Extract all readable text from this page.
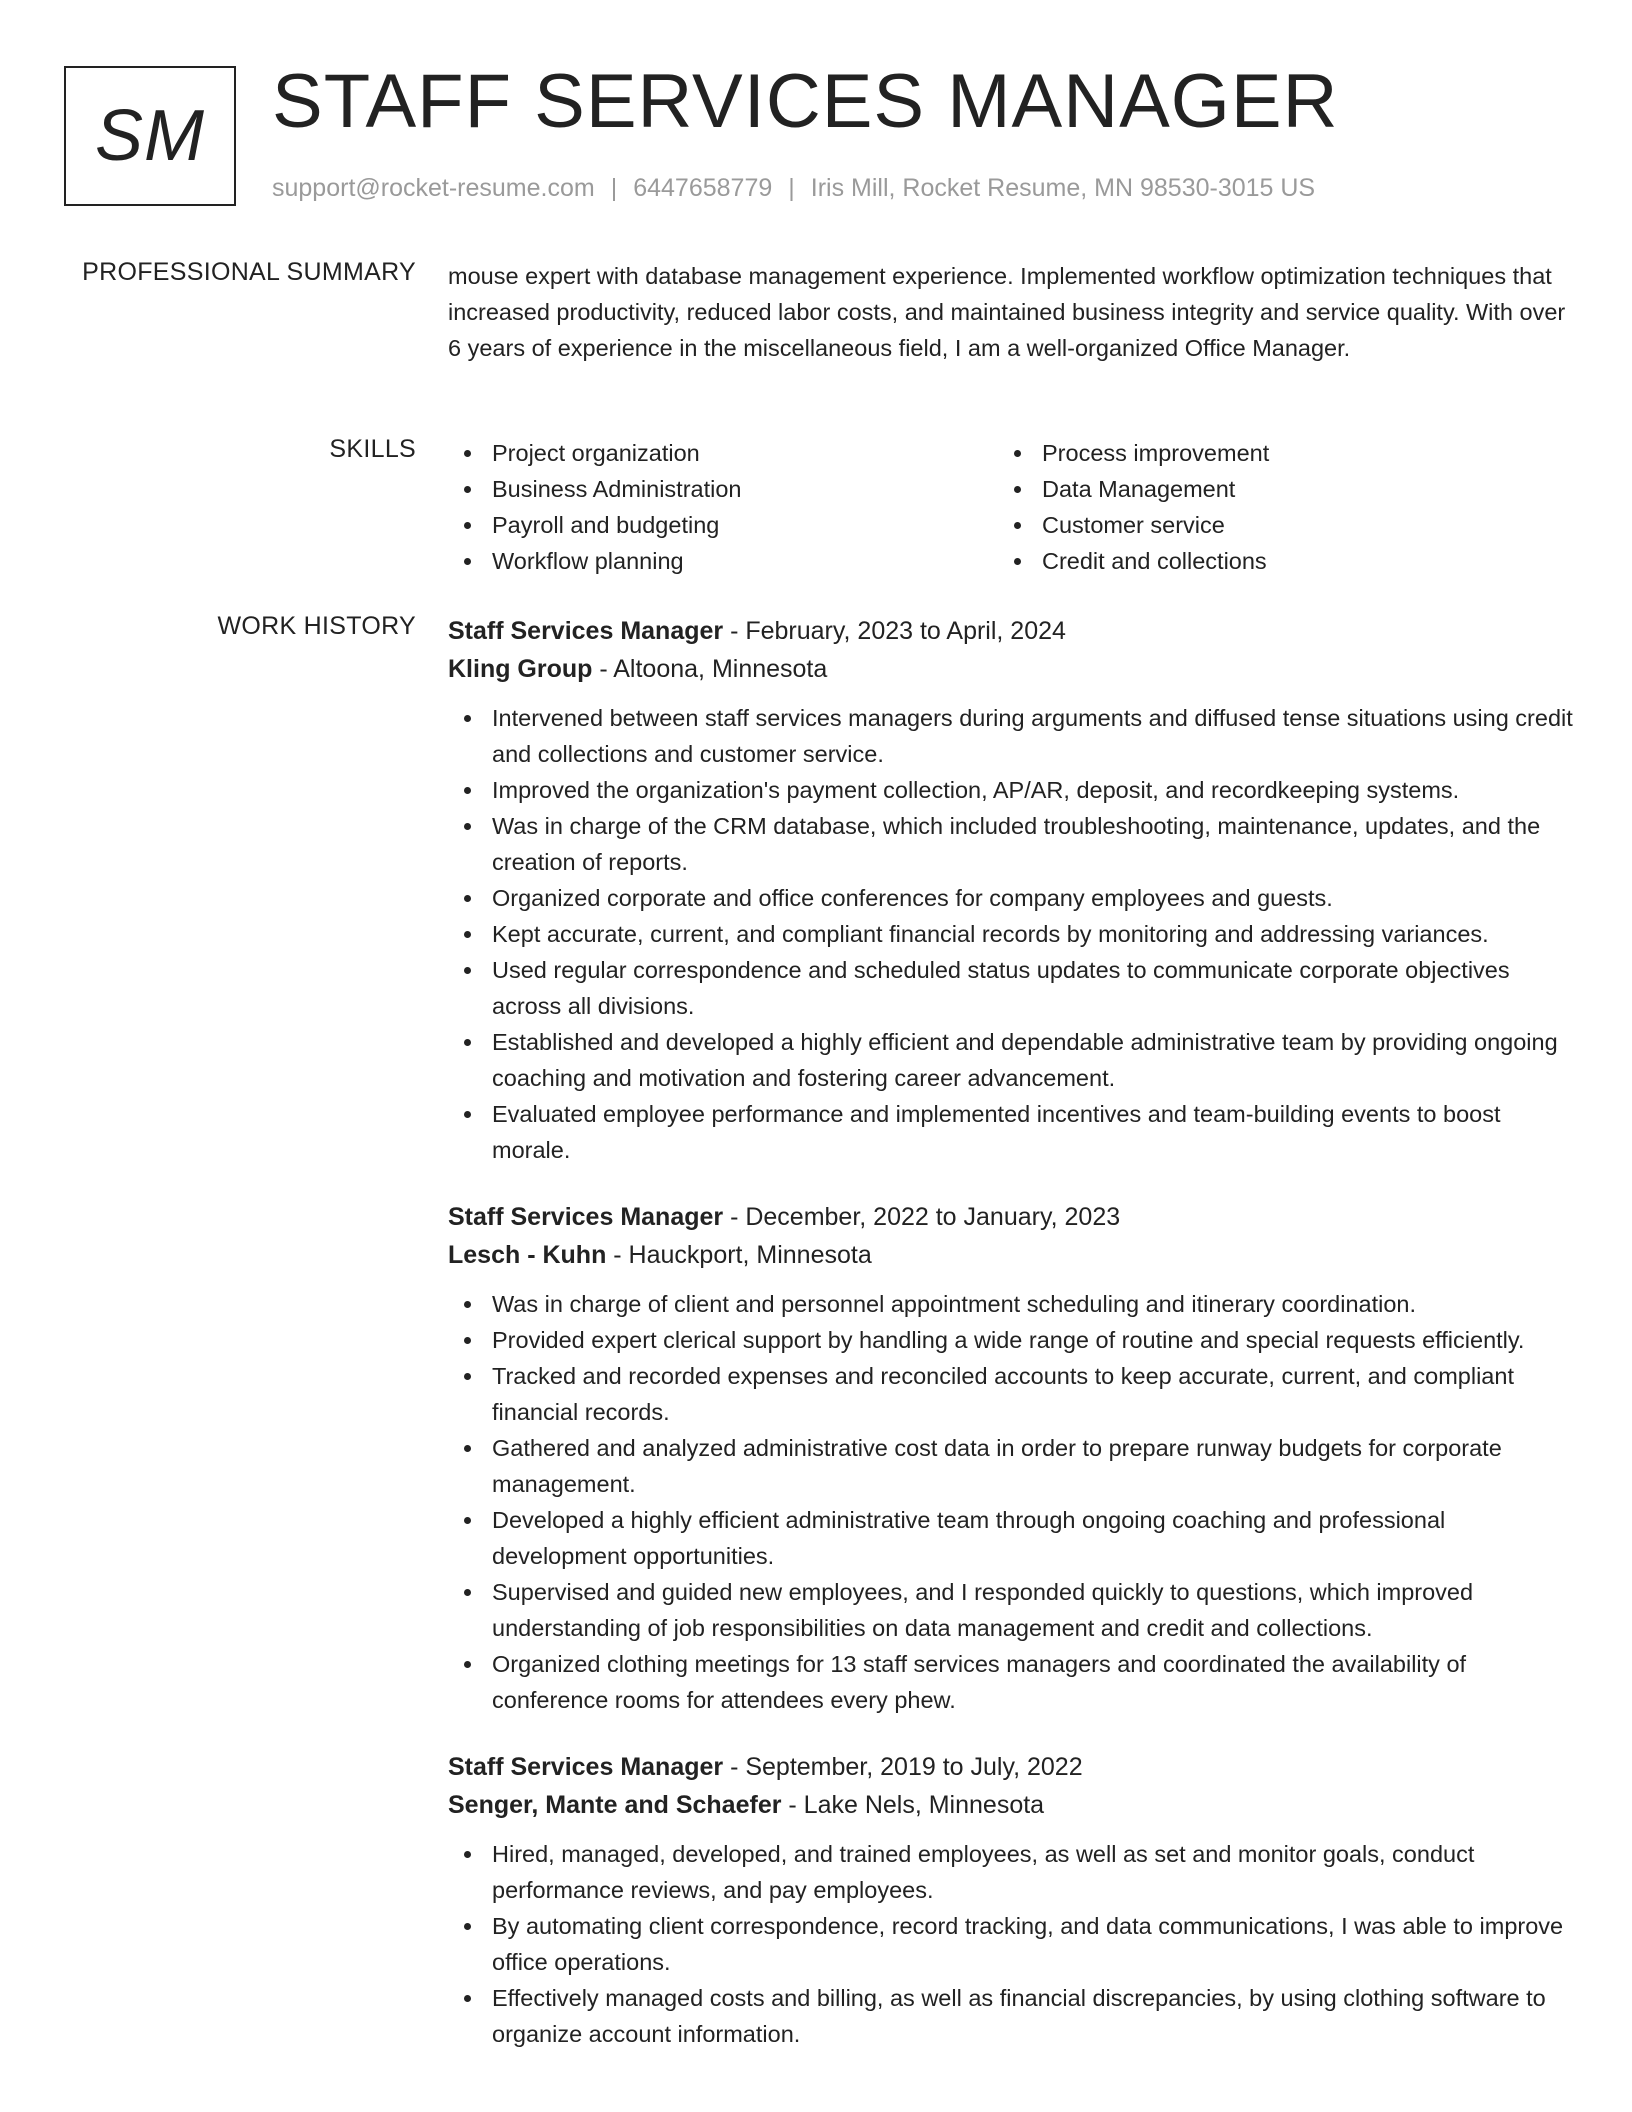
SM STAFF SERVICES MANAGER
support@rocket-resume.com | 6447658779 | Iris Mill, Rocket Resume, MN 98530-3015 US
PROFESSIONAL SUMMARY mouse expert with database management experience. Implemented workflow optimization techniques that increased productivity, reduced labor costs, and maintained business integrity and service quality. With over 6 years of experience in the miscellaneous field, I am a well-organized Office Manager.

SKILLS	Project organization
Business Administration
Payroll and budgeting
Workflow planning
Process improvement
Data Management
Customer service
Credit and collections
WORK HISTORY Staff Services Manager - February, 2023 to April, 2024
Kling Group - Altoona, Minnesota
Intervened between staff services managers during arguments and diffused tense situations using credit and collections and customer service.
Improved the organization's payment collection, AP/AR, deposit, and recordkeeping systems.
Was in charge of the CRM database, which included troubleshooting, maintenance, updates, and the creation of reports.
Organized corporate and office conferences for company employees and guests.
Kept accurate, current, and compliant financial records by monitoring and addressing variances.
Used regular correspondence and scheduled status updates to communicate corporate objectives across all divisions.
Established and developed a highly efficient and dependable administrative team by providing ongoing coaching and motivation and fostering career advancement.
Evaluated employee performance and implemented incentives and team-building events to boost morale.
Staff Services Manager - December, 2022 to January, 2023
Lesch - Kuhn - Hauckport, Minnesota
Was in charge of client and personnel appointment scheduling and itinerary coordination.
Provided expert clerical support by handling a wide range of routine and special requests efficiently.
Tracked and recorded expenses and reconciled accounts to keep accurate, current, and compliant financial records.
Gathered and analyzed administrative cost data in order to prepare runway budgets for corporate management.
Developed a highly efficient administrative team through ongoing coaching and professional development opportunities.
Supervised and guided new employees, and I responded quickly to questions, which improved understanding of job responsibilities on data management and credit and collections.
Organized clothing meetings for 13 staff services managers and coordinated the availability of conference rooms for attendees every phew.
Staff Services Manager - September, 2019 to July, 2022
Senger, Mante and Schaefer - Lake Nels, Minnesota
Hired, managed, developed, and trained employees, as well as set and monitor goals, conduct performance reviews, and pay employees.
By automating client correspondence, record tracking, and data communications, I was able to improve office operations.
Effectively managed costs and billing, as well as financial discrepancies, by using clothing software to organize account information.
